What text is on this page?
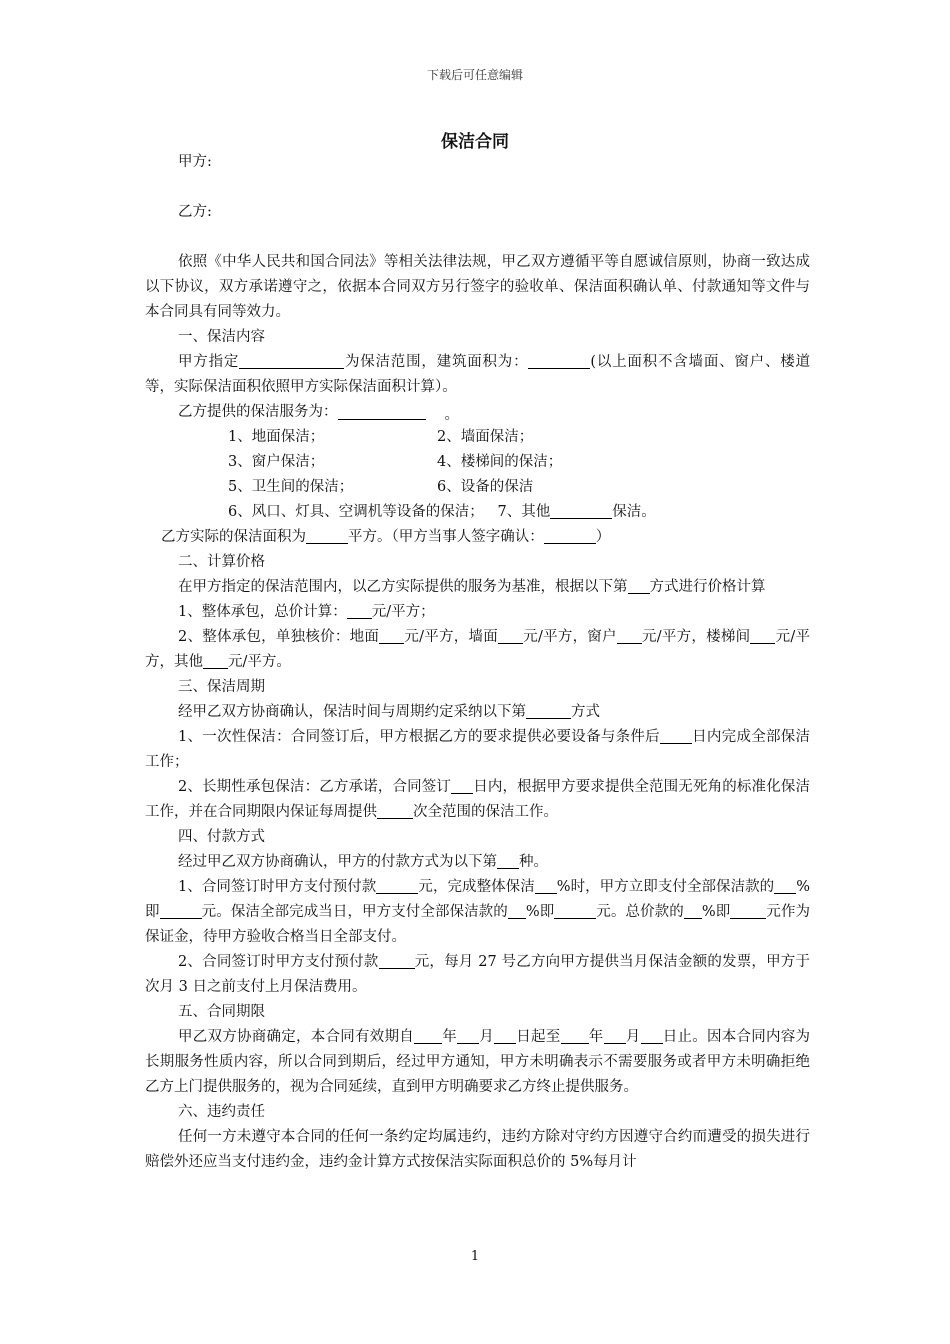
下载后可任意编辑
保洁合同

甲方:

乙方:

依照《中华人民共和国合同法》等相关法律法规，甲乙双方遵循平等自愿诚信原则，协商一致达成以下协议，双方承诺遵守之，依据本合同双方另行签字的验收单、保洁面积确认单、付款通知等文件与本合同具有同等效力。

一、保洁内容

甲方指定	为保洁范围，建筑面积为：	(以上面积不含墙面、窗户、楼道等，实际保洁面积依照甲方实际保洁面积计算）。

乙方提供的保洁服务为：	。

1、地面保洁；	2、墙面保洁；
3、窗户保洁；	4、楼梯间的保洁；
5、卫生间的保洁；	6、设备的保洁
6、风口、灯具、空调机等设备的保洁；   7、其他	保洁。

乙方实际的保洁面积为	平方。（甲方当事人签字确认：	）

二、计算价格

在甲方指定的保洁范围内，以乙方实际提供的服务为基准，根据以下第 方式进行价格计算

1、整体承包，总价计算： 元/平方；

2、整体承包，单独核价：地面 元/平方，墙面 元/平方，窗户 元/平方，楼梯间 元/平方，其他 元/平方。

三、保洁周期

经甲乙双方协商确认，保洁时间与周期约定采纳以下第	方式

1、一次性保洁：合同签订后，甲方根据乙方的要求提供必要设备与条件后 日内完成全部保洁工作；

2、长期性承包保洁：乙方承诺，合同签订 日内，根据甲方要求提供全范围无死角的标准化保洁工作，并在合同期限内保证每周提供 次全范围的保洁工作。

四、付款方式

经过甲乙双方协商确认，甲方的付款方式为以下第 种。

1、合同签订时甲方支付预付款	元，完成整体保洁 %时，甲方立即支付全部保洁款的 %即	元。保洁全部完成当日，甲方支付全部保洁款的 %即	元。总价款的 %即 元作为保证金，待甲方验收合格当日全部支付。

2、合同签订时甲方支付预付款 元，每月 27 号乙方向甲方提供当月保洁金额的发票，甲方于次月 3 日之前支付上月保洁费用。

五、合同期限

甲乙双方协商确定，本合同有效期自 年 月 日起至 年 月 日止。因本合同内容为长期服务性质内容，所以合同到期后，经过甲方通知，甲方未明确表示不需要服务或者甲方未明确拒绝乙方上门提供服务的，视为合同延续，直到甲方明确要求乙方终止提供服务。

六、违约责任

任何一方未遵守本合同的任何一条约定均属违约，违约方除对守约方因遵守合约而遭受的损失进行赔偿外还应当支付违约金，违约金计算方式按保洁实际面积总价的 5%每月计

1
